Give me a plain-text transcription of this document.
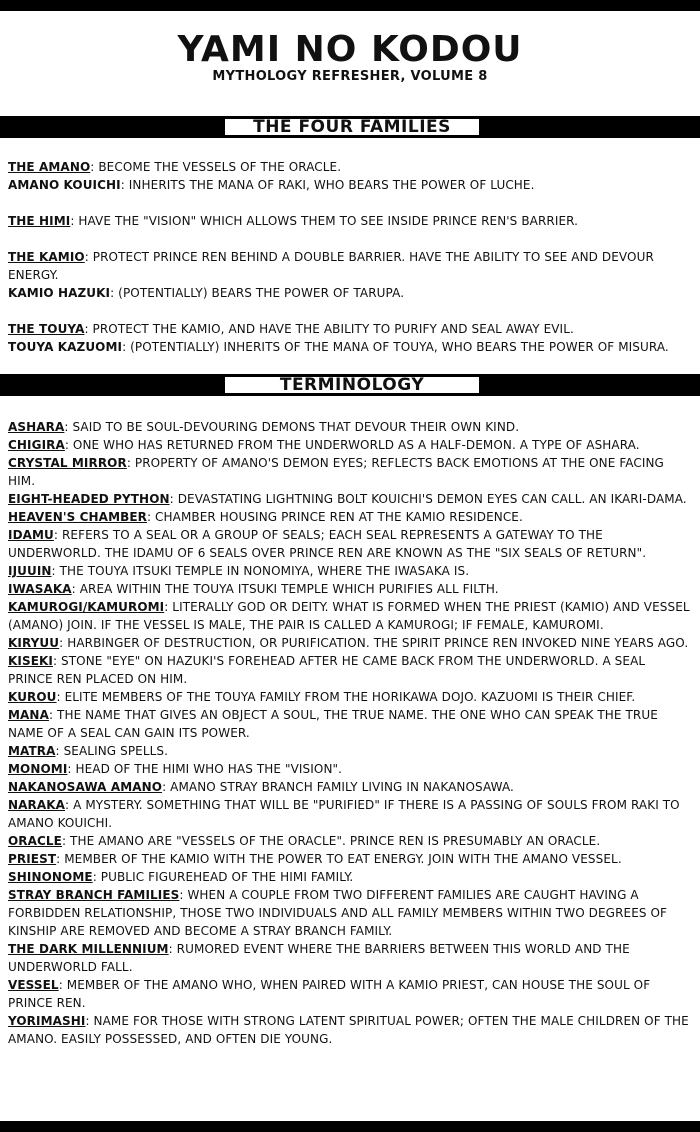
YAMI NO KODOU
MYTHOLOGY REFRESHER, VOLUME 8
THE FOUR FAMILIES

THE AMANO: BECOME THE VESSELS OF THE ORACLE.

AMANO KOUICHI: INHERITS THE MANA OF RAKI, WHO BEARS THE POWER OF LUCHE.

THE HIMI: HAVE THE "VISION" WHICH ALLOWS THEM TO SEE INSIDE PRINCE REN'S BARRIER.

THE KAMIO: PROTECT PRINCE REN BEHIND A DOUBLE BARRIER. HAVE THE ABILITY TO SEE AND DEVOUR ENERGY.

KAMIO HAZUKI: (POTENTIALLY) BEARS THE POWER OF TARUPA.

THE TOUYA: PROTECT THE KAMIO, AND HAVE THE ABILITY TO PURIFY AND SEAL AWAY EVIL.

TOUYA KAZUOMI: (POTENTIALLY) INHERITS OF THE MANA OF TOUYA, WHO BEARS THE POWER OF MISURA.

TERMINOLOGY

ASHARA: SAID TO BE SOUL-DEVOURING DEMONS THAT DEVOUR THEIR OWN KIND.

CHIGIRA: ONE WHO HAS RETURNED FROM THE UNDERWORLD AS A HALF-DEMON. A TYPE OF ASHARA.

CRYSTAL MIRROR: PROPERTY OF AMANO'S DEMON EYES; REFLECTS BACK EMOTIONS AT THE ONE FACING HIM.

EIGHT-HEADED PYTHON: DEVASTATING LIGHTNING BOLT KOUICHI'S DEMON EYES CAN CALL. AN IKARI-DAMA.

HEAVEN'S CHAMBER: CHAMBER HOUSING PRINCE REN AT THE KAMIO RESIDENCE.

IDAMU: REFERS TO A SEAL OR A GROUP OF SEALS; EACH SEAL REPRESENTS A GATEWAY TO THE UNDERWORLD. THE IDAMU OF 6 SEALS OVER PRINCE REN ARE KNOWN AS THE "SIX SEALS OF RETURN".

IJUUIN: THE TOUYA ITSUKI TEMPLE IN NONOMIYA, WHERE THE IWASAKA IS.

IWASAKA: AREA WITHIN THE TOUYA ITSUKI TEMPLE WHICH PURIFIES ALL FILTH.

KAMUROGI/KAMUROMI: LITERALLY GOD OR DEITY. WHAT IS FORMED WHEN THE PRIEST (KAMIO) AND VESSEL (AMANO) JOIN. IF THE VESSEL IS MALE, THE PAIR IS CALLED A KAMUROGI; IF FEMALE, KAMUROMI.

KIRYUU: HARBINGER OF DESTRUCTION, OR PURIFICATION. THE SPIRIT PRINCE REN INVOKED NINE YEARS AGO.

KISEKI: STONE "EYE" ON HAZUKI'S FOREHEAD AFTER HE CAME BACK FROM THE UNDERWORLD. A SEAL PRINCE REN PLACED ON HIM.

KUROU: ELITE MEMBERS OF THE TOUYA FAMILY FROM THE HORIKAWA DOJO. KAZUOMI IS THEIR CHIEF.

MANA: THE NAME THAT GIVES AN OBJECT A SOUL, THE TRUE NAME. THE ONE WHO CAN SPEAK THE TRUE NAME OF A SEAL CAN GAIN ITS POWER.

MATRA: SEALING SPELLS.

MONOMI: HEAD OF THE HIMI WHO HAS THE "VISION".

NAKANOSAWA AMANO: AMANO STRAY BRANCH FAMILY LIVING IN NAKANOSAWA.

NARAKA: A MYSTERY. SOMETHING THAT WILL BE "PURIFIED" IF THERE IS A PASSING OF SOULS FROM RAKI TO AMANO KOUICHI.

ORACLE: THE AMANO ARE "VESSELS OF THE ORACLE". PRINCE REN IS PRESUMABLY AN ORACLE.

PRIEST: MEMBER OF THE KAMIO WITH THE POWER TO EAT ENERGY. JOIN WITH THE AMANO VESSEL.

SHINONOME: PUBLIC FIGUREHEAD OF THE HIMI FAMILY.

STRAY BRANCH FAMILIES: WHEN A COUPLE FROM TWO DIFFERENT FAMILIES ARE CAUGHT HAVING A FORBIDDEN RELATIONSHIP, THOSE TWO INDIVIDUALS AND ALL FAMILY MEMBERS WITHIN TWO DEGREES OF KINSHIP ARE REMOVED AND BECOME A STRAY BRANCH FAMILY.

THE DARK MILLENNIUM: RUMORED EVENT WHERE THE BARRIERS BETWEEN THIS WORLD AND THE UNDERWORLD FALL.

VESSEL: MEMBER OF THE AMANO WHO, WHEN PAIRED WITH A KAMIO PRIEST, CAN HOUSE THE SOUL OF PRINCE REN.

YORIMASHI: NAME FOR THOSE WITH STRONG LATENT SPIRITUAL POWER; OFTEN THE MALE CHILDREN OF THE AMANO. EASILY POSSESSED, AND OFTEN DIE YOUNG.
